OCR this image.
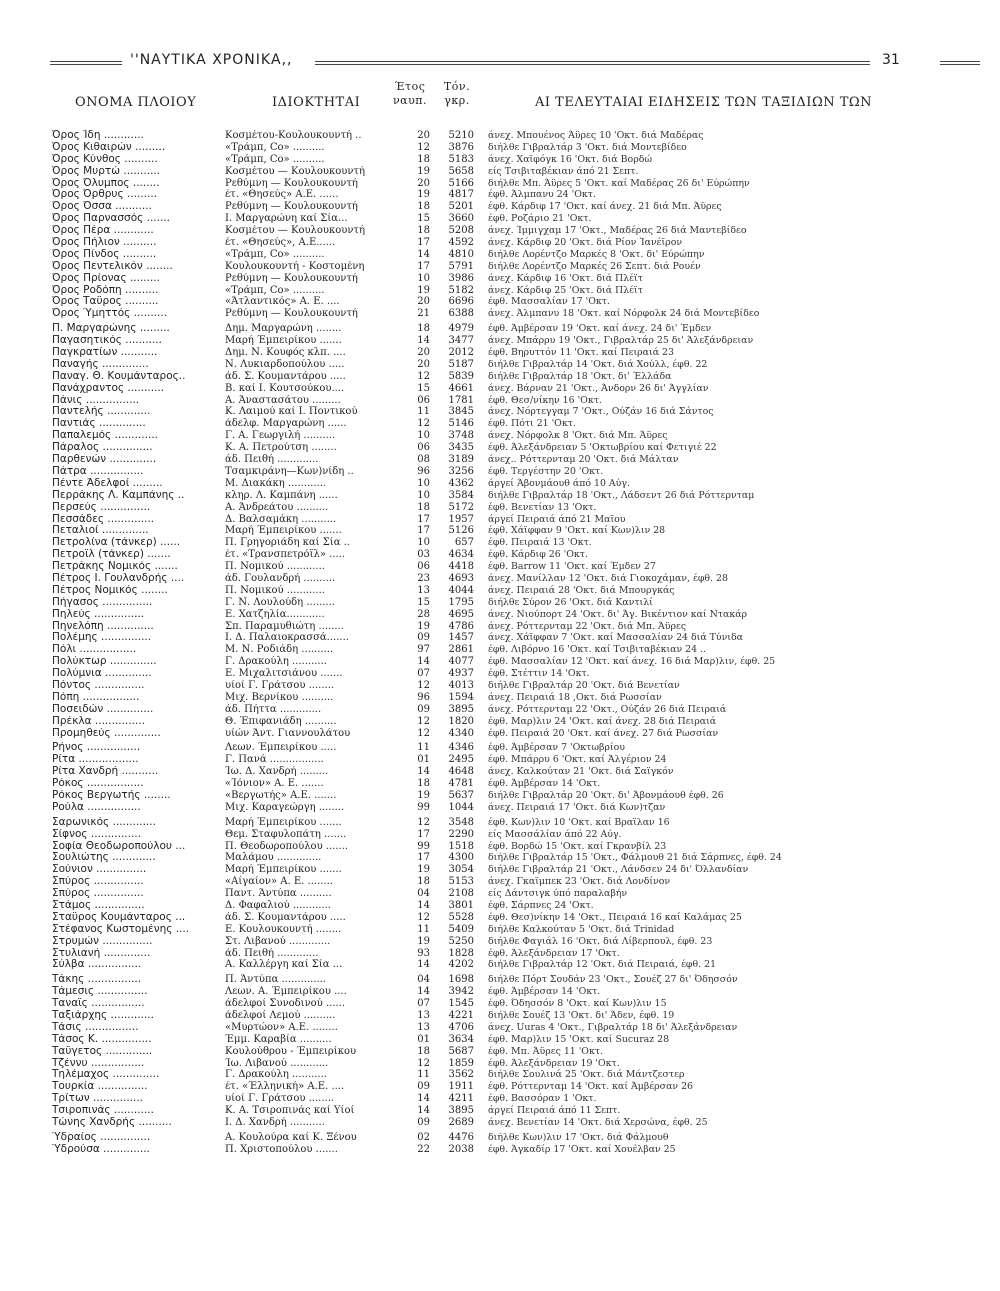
''ΝΑΥΤΙΚΑ ΧΡΟΝΙΚΑ,,	31
ΟΝΟΜΑ ΠΛΟΙΟΥ	ΙΔΙΟΚΤΗΤΑΙ
Έτος
ναυπ.
Τόν.
γκρ.	ΑΙ ΤΕΛΕΥΤΑΙΑΙ ΕΙΔΗΣΕΙΣ ΤΩΝ ΤΑΞΙΔΙΩΝ ΤΩΝ
Όρος Ίδη ............	Κοσμέτου-Κουλουκουντή ..	20	5210 άνεχ. Μπουένος Άϋρες 10 'Οκτ. διά Μαδέρας
Όρος Κιθαιρών .........	«Τράμπ, Co» ..........	12	3876 διήλθε Γιβραλτάρ 3 'Οκτ. διά Μοντεβίδεο
Όρος Κύνθος ..........	«Τράμπ, Co» ..........	18	5183 άνεχ. Χαϊφόγκ 16 'Οκτ. διά Βορδώ
Όρος Μυρτώ ...........	Κοσμέτου — Κουλουκουντή	19	5658 είς Τσιβιταβέκιαν άπό 21 Σεπτ.
Όρος Όλυμπος ........	Ρεθύμνη — Κουλουκουντή	20	5166 διήλθε Μπ. Άϋρες 5 'Οκτ. καί Μαδέρας 26 δι' Εύρώπην
Όρος Όρθρυς .........	έτ. «Θησεύς» Α.Ε. ......	19	4817 έφθ. Άλμπανυ 24 'Οκτ.
Όρος Όσσα ...........	Ρεθύμνη — Κουλουκουντή	18	5201 έφθ. Κάρδιφ 17 'Οκτ. καί άνεχ. 21 διά Μπ. Άϋρες
Όρος Παρνασσός .......	Ι. Μαργαρώνη καί Σία...	15	3660 έφθ. Ροζάριο 21 'Οκτ.
Όρος Πέρα ............	Κοσμέτου — Κουλουκουντή	18	5208 άνεχ. Ίμμιγχαμ 17 'Οκτ., Μαδέρας 26 διά Μαντεβίδεο
Όρος Πήλιον ..........	έτ. «Θησεύς», Α.Ε......	17	4592 άνεχ. Κάρδιφ 20 'Οκτ. διά Ρίον Ίανέϊρον
Όρος Πίνδος ..........	«Τράμπ, Co» ..........	14	4810 διήλθε Λορέντζο Μαρκές 8 'Οκτ. δι' Εύρώπην
Όρος Πεντελικόν ........	Κουλουκουντή - Κοστομένη	17	5791 διήλθε Λορέντζο Μαρκές 26 Σεπτ. διά Ρουέν
Όρος Πρίονας .........	Ρεθύμνη — Κουλουκουντή	10	3986 άνεχ. Κάρδιφ 16 'Οκτ. διά Πλέϊτ
Όρος Ροδόπη ..........	«Τράμπ, Co» ..........	19	5182 άνεχ. Κάρδιφ 25 'Οκτ. διά Πλέϊτ
Όρος Ταΰρος ..........	«Άτλαντικός» Α. Ε. ....	20	6696 έφθ. Μασσαλίαν 17 'Οκτ.
Όρος Ύμηττός ..........	Ρεθύμνη — Κουλουκουντή	21	6388 άνεχ. Άλμπανυ 18 'Οκτ. καί Νόρφολκ 24 διά Μοντεβίδεο
Π. Μαργαρώνης .........	Δημ. Μαργαρώνη ........	18	4979 έφθ. Άμβέρσαν 19 'Οκτ. καί άνεχ. 24 δι' Έμδεν
Παγασητικός ...........	Μαρή Έμπειρίκου .......	14	3477 άνεχ. Μπάρρυ 19 'Οκτ., Γιβραλτάρ 25 δι' Άλεξάνδρειαν
Παγκρατίων ...........	Δημ. Ν. Κουφός κλπ. ....	20	2012 έφθ. Βηρυττόν 11 'Οκτ. καί Πειραιά 23
Παναγής ..............	Ν. Λυκιαρδοπούλου .....	20	5187 διήλθε Γιβραλτάρ 14 'Οκτ. διά Χούλλ, έφθ. 22
Παναγ. Θ. Κουμάνταρος..	άδ. Σ. Κουμαντάρου .....	12	5839 διήλθε Γιβραλτάρ 18 'Οκτ. δι' Έλλάδα
Πανάχραντος ...........	Β. καί Ι. Κουτσούκου....	15	4661 άνεχ. Βάρναν 21 'Οκτ., Άνδορν 26 δι' Άγγλίαν
Πάνις ................	Α. Άναστασάτου .........	06	1781 έφθ. Θεσ/νίκην 16 'Οκτ.
Παντελής .............	Κ. Λαιμού καί Ι. Ποντικού	11	3845 άνεχ. Νόρτεγγαμ 7 'Οκτ., Ούζάν 16 διά Σάντος
Παντιάς ..............	άδελφ. Μαργαρώνη ......	12	5146 έφθ. Πότι 21 'Οκτ.
Παπαλεμός .............	Γ. Α. Γεωργιλή ..........	10	3748 άνεχ. Νόρφολκ 8 'Οκτ. διά Μπ. Άϋρες
Πάραλος ...............	Κ. Α. Πετρούτση ........	06	3435 έφθ. Άλεξάνδρειαν 5 'Οκτωβρίου καί Φετιγιέ 22
Παρθενών ..............	άδ. Πειθή .............	08	3189 άνεχ.. Ρόττερνταμ 20 'Οκτ. διά Μάλταν
Πάτρα ................	Τσαμκιράνη—Κων)νίδη ..	96	3256 έφθ. Τεργέστην 20 'Οκτ.
Πέντε Άδελφοί .........	Μ. Διακάκη ............	10	4362 άργεί Άβονμάουθ άπό 10 Αύγ.
Περράκης Λ. Καμπάνης ..	κληρ. Λ. Καμπάνη ......	10	3584 διήλθε Γιβραλτάρ 18 'Οκτ., Λάδσεντ 26 διά Ρόττερνταμ
Περσεύς ...............	Α. Άνδρεάτου ..........	18	5172 έφθ. Βενετίαν 13 'Οκτ.
Πεσσάδες ..............	Δ. Βαλσαμάκη ...........	17	1957 άργεί Πειραιά άπό 21 Μαΐου
Πεταλιοί ..............	Μαρή Έμπειρίκου .......	17	5126 έφθ. Χάϊφφαν 9 'Οκτ. καί Κων)λιν 28
Πετρολίνα (τάνκερ) ......	Π. Γρηγοριάδη καί Σία ..	10	657 έφθ. Πειραιά 13 'Οκτ.
Πετροΐλ (τάνκερ) .......	έτ. «Τρανσπετρόϊλ» .....	03	4634 έφθ. Κάρδιφ 26 'Οκτ.
Πετράκης Νομικός .......	Π. Νομικού ............	06	4418 έφθ. Barrow 11 'Οκτ. καί Έμδεν 27
Πέτρος Ι. Γουλανδρής ....	άδ. Γουλανδρή ..........	23	4693 άνεχ. Μανίλλαν 12 'Οκτ. διά Γιοκοχάμαν, έφθ. 28
Πέτρος Νομικός ........	Π. Νομικού ............	13	4044 άνεχ. Πειραιά 28 'Οκτ. διά Μπουργκάς
Πήγασος ...............	Γ. Ν. Λουλούδη .........	15	1795 διήλθε Σύρον 26 'Οκτ. διά Καντιλί
Πηλεύς ...............	Ε. Χατζηλία............	28	4695 άνεχ. Νιούπορτ 24 'Οκτ. δι' Άγ. Βικέντιον καί Ντακάρ
Πηνελόπη ..............	Σπ. Παραμυθιώτη ........	19	4786 άνεχ. Ρόττερνταμ 22 'Οκτ. διά Μπ. Άϋρες
Πολέμης ...............	Ι. Δ. Παλαιοκρασσά.......	09	1457 άνεχ. Χάϊφφαν 7 'Οκτ. καί Μασσαλίαν 24 διά Τύνιδα
Πόλι .................	Μ. Ν. Ροδιάδη ..........	97	2861 έφθ. Λιβόρνο 16 'Οκτ. καί Τσιβιταβέκιαν 24 ..
Πολύκτωρ ..............	Γ. Δρακούλη ...........	14	4077 έφθ. Μασσαλίαν 12 'Οκτ. καί άνεχ. 16 διά Μαρ)λιν, έφθ. 25
Πολύμνια ..............	Ε. Μιχαλιτσιάνου .......	07	4937 έφθ. Στέττιν 14 'Οκτ.
Πόντος ...............	υίοί Γ. Γράτσου ........	12	4013 διήλθε Γιβραλτάρ 20 'Οκτ. διά Βενετίαν
Πόπη .................	Μιχ. Βερνίκου ..........	96	1594 άνεχ. Πειραιά 18 ,Οκτ. διά Ρωσσίαν
Ποσειδών ..............	άδ. Πήττα .............	09	3895 άνεχ. Ρόττερνταμ 22 'Οκτ., Ούζάν 26 διά Πειραιά
Πρέκλα ...............	Θ. Έπιφανιάδη ..........	12	1820 έφθ. Μαρ)λιν 24 'Οκτ. καί άνεχ. 28 διά Πειραιά
Προμηθεύς ..............	υίών Άντ. Γιαννουλάτου	12	4340 έφθ. Πειραιά 20 'Οκτ. καί άνεχ. 27 διά Ρωσσίαν
Ρήνος ................	Λεων. Έμπειρίκου .....	11	4346 έφθ. Άμβέρσαν 7 'Οκτωβρίου
Ρίτα ..................	Γ. Πανά .................	01	2495 έφθ. Μπάρρυ 6 'Οκτ. καί Άλγέριον 24
Ρίτα Χανδρή ...........	Ίω. Δ. Χανδρή .........	14	4648 άνεχ. Καλκούταν 21 'Οκτ. διά Σαϊγκόν
Ρόκος .................	«Ίόνιον» Α. Ε. .......	18	4781 έφθ. Άμβέρσαν 14 'Οκτ.
Ρόκος Βεργωτής ........	«Βεργωτής» Α.Ε. .......	19	5637 διήλθε Γιβραλτάρ 20 'Οκτ. δι' Άβονμάουθ έφθ. 26
Ρούλα ................	Μιχ. Καραγεώργη ........	99	1044 άνεχ. Πειραιά 17 'Οκτ. διά Κων)τζαν
Σαρωνικός .............	Μαρή Έμπειρίκου .......	12	3548 έφθ. Κων)λιν 10 'Οκτ. καί Βραΐλαν 16
Σίφνος ...............	Θεμ. Σταφυλοπάτη .......	17	2290 είς Μασσάλίαν άπό 22 Αύγ.
Σοφία Θεοδωροπούλου ...	Π. Θεοδωροπούλου .......	99	1518 έφθ. Βορδώ 15 'Οκτ. καί Γκρανβίλ 23
Σουλιώτης .............	Μαλάμου ..............	17	4300 διήλθε Γιβραλτάρ 15 'Οκτ., Φάλμουθ 21 διά Σάρπνες, έφθ. 24
Σούνιον ...............	Μαρή Έμπειρίκου .......	19	3054 διήλθε Γιβραλτάρ 21 'Οκτ., Λάνδσεν 24 δι' Όλλανδίαν
Σπύρος ...............	«Αίγαίον» Α. Ε. ........	18	5153 άνεχ. Γκαϊμπεκ 23 'Οκτ. διά Λονδίνον
Σπύρος ...............	Παντ. Άντύπα ..........	04	2108 είς Δάντσιγκ ύπό παραλαβήν
Στάμος ...............	Δ. Φαφαλιού ............	14	3801 έφθ. Σάρπνες 24 'Οκτ.
Σταΰρος Κουμάνταρος ...	άδ. Σ. Κουμαντάρου .....	12	5528 έφθ. Θεσ)νίκην 14 'Οκτ., Πειραιά 16 καί Καλάμας 25
Στέφανος Κωστομένης ....	Ε. Κουλουκουντή ........	11	5409 διήλθε Καλκούταν 5 'Οκτ. διά Trinidad
Στρυμών ...............	Στ. Λιβανού .............	19	5250 διήλθε Φαγιάλ 16 'Οκτ. διά Λίβερπουλ, έφθ. 23
Στυλιανή ..............	άδ. Πειθή .............	93	1828 έφθ. Άλεξάνδρειαν 17 'Οκτ.
Σύλβα ................	Α. Καλλέργη καί Σία ...	14	4202 διήλθε Γιβραλτάρ 12 'Οκτ. διά Πειραιά, έφθ. 21
Τάκης ................	Π. Άντύπα ..............	04	1698 διήλθε Πόρτ Σουδάν 23 'Οκτ., Σουέζ 27 δι' Όδησσόν
Τάμεσις ...............	Λεων. Α. Έμπειρίκου ....	14	3942 έφθ. Άμβέρσαν 14 'Οκτ.
Ταναΐς ................	άδελφοί Συνοδινού ......	07	1545 έφθ. Όδησσόν 8 'Οκτ. καί Κων)λιν 15
Ταξιάρχης .............	άδελφοί Λεμού ..........	13	4221 διήλθε Σουέζ 13 'Οκτ. δι' Άδεν, έφθ. 19
Τάσις ................	«Μυρτώον» Α.Ε. ........	13	4706 άνεχ. Uuras 4 'Οκτ., Γιβραλτάρ 18 δι' Άλεξάνδρειαν
Τάσος Κ. ...............	Έμμ. Καραβία ..........	01	3634 έφθ. Μαρ)λιν 15 'Οκτ. καί Sucuraz 28
Ταΰγετος ..............	Κουλούθρου - Έμπειρίκου	18	5687 έφθ. Μπ. Άϋρες 11 'Οκτ.
Τζέννυ ................	Ίω. Λιβανού ............	12	1859 έφθ. Άλεξάνδρειαν 19 'Οκτ.
Τηλέμαχος ..............	Γ. Δρακούλη ...........	11	3562 διήλθε Σουλινά 25 'Οκτ. διά Μάντζεστερ
Τουρκία ...............	έτ. «Έλληνική» Α.Ε. ....	09	1911 έφθ. Ρόττερνταμ 14 'Οκτ. καί Άμβέρσαν 26
Τρίτων ...............	υίοί Γ. Γράτσου ........	14	4211 έφθ. Βασσόραν 1 'Οκτ.
Τσιροπινάς ............	Κ. Α. Τσιροπινάς καί Υίοί	14	3895 άργεί Πειραιά άπό 11 Σεπτ.
Τώνης Χανδρής ..........	Ι. Δ. Χανδρή ...........	09	2689 άνεχ. Βενετίαν 14 'Οκτ. διά Χερσώνα, έφθ. 25
Ύδραίος ...............	Α. Κουλούρα καί Κ. Ξένου	02	4476 διήλθε Κων)λιν 17 'Οκτ. διά Φάλμουθ
Ύδρούσα ..............	Π. Χριστοπούλου .......	22	2038 έφθ. Άγκαδίρ 17 'Οκτ. καί Χουέλβαν 25
